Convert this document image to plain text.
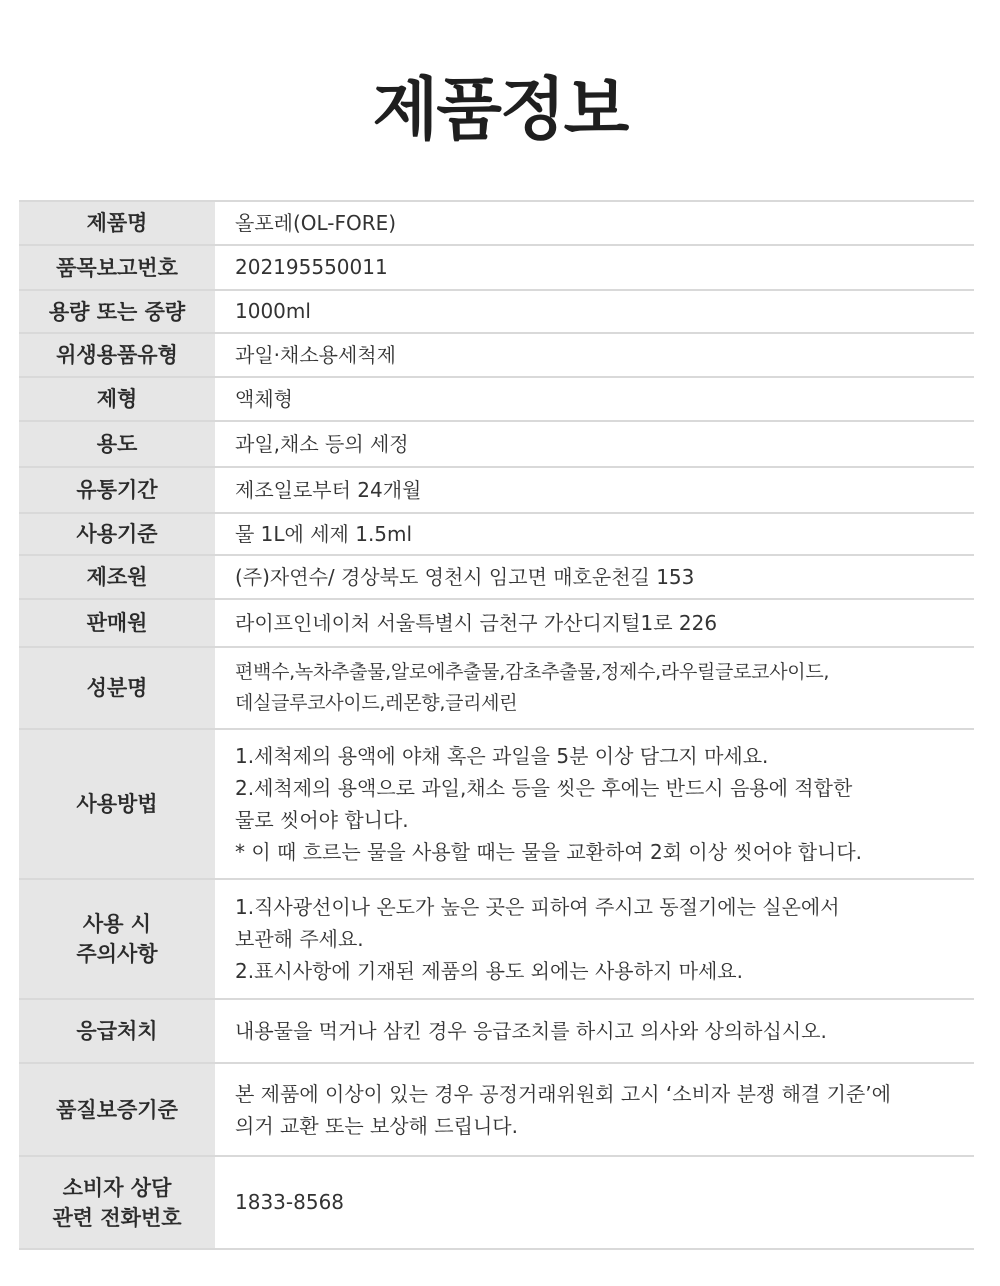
제품정보
제품명	올포레(OL-FORE)
품목보고번호	202195550011
용량 또는 중량	1000ml
위생용품유형	과일·채소용세척제
제형	액체형
용도	과일,채소 등의 세정
유통기간	제조일로부터 24개월
사용기준	물 1L에 세제 1.5ml
제조원	(주)자연수/ 경상북도 영천시 임고면 매호운천길 153
판매원	라이프인네이처 서울특별시 금천구 가산디지털1로 226
성분명	편백수,녹차추출물,알로에추출물,감초추출물,정제수,라우릴글로코사이드,
데실글루코사이드,레몬향,글리세린
사용방법	1.세척제의 용액에 야채 혹은 과일을 5분 이상 담그지 마세요.
2.세척제의 용액으로 과일,채소 등을 씻은 후에는 반드시 음용에 적합한
물로 씻어야 합니다.
* 이 때 흐르는 물을 사용할 때는 물을 교환하여 2회 이상 씻어야 합니다.
사용 시
주의사항	1.직사광선이나 온도가 높은 곳은 피하여 주시고 동절기에는 실온에서
보관해 주세요.
2.표시사항에 기재된 제품의 용도 외에는 사용하지 마세요.
응급처치	내용물을 먹거나 삼킨 경우 응급조치를 하시고 의사와 상의하십시오.
품질보증기준	본 제품에 이상이 있는 경우 공정거래위원회 고시 ‘소비자 분쟁 해결 기준’에
의거 교환 또는 보상해 드립니다.
소비자 상담
관련 전화번호	1833-8568
